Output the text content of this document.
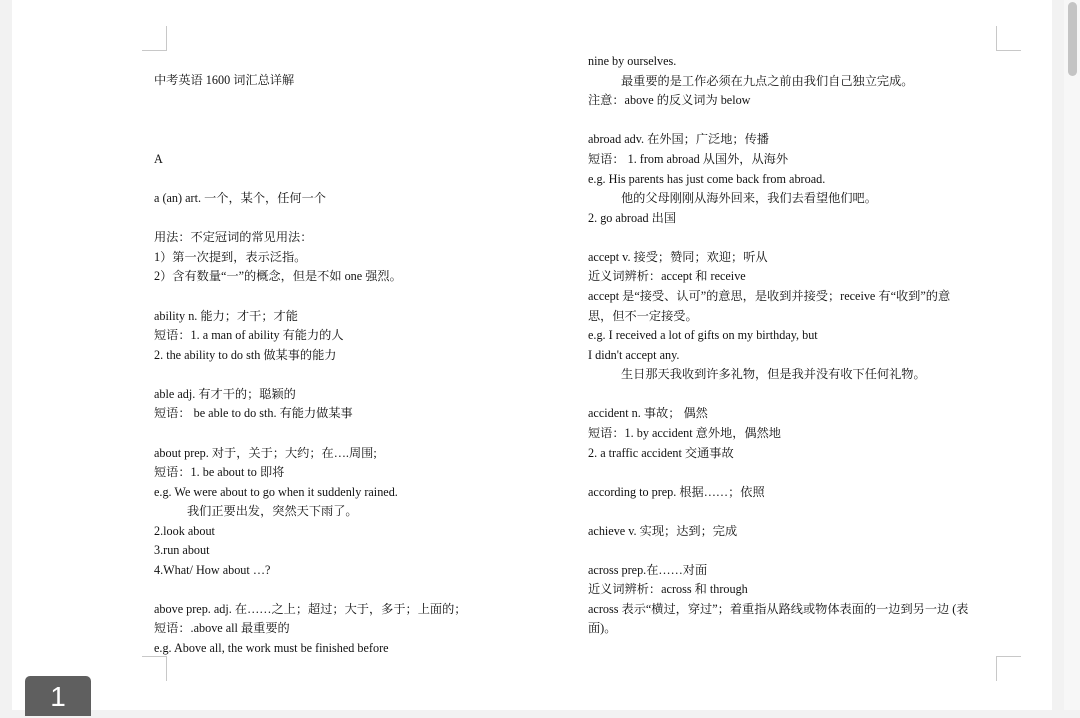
中考英语 1600 词汇总详解
A
a (an) art. 一个，某个，任何一个
用法：不定冠词的常见用法：
1）第一次提到，表示泛指。
2）含有数量“一”的概念，但是不如 one 强烈。
ability n. 能力；才干；才能
短语：1. a man of ability 有能力的人
2. the ability to do sth 做某事的能力
able adj. 有才干的；聪颖的
短语： be able to do sth. 有能力做某事
about prep. 对于，关于；大约；在….周围;
短语：1. be about to 即将
e.g. We were about to go when it suddenly rained.
我们正要出发，突然天下雨了。
2.look about
3.run about
4.What/ How about …?
above prep. adj. 在……之上；超过；大于，多于；上面的；
短语：.above all 最重要的
e.g. Above all, the work must be finished before
nine by ourselves.
最重要的是工作必须在九点之前由我们自己独立完成。
注意：above 的反义词为 below
abroad adv. 在外国；广泛地；传播
短语： 1. from abroad 从国外，从海外
e.g. His parents has just come back from abroad.
他的父母刚刚从海外回来，我们去看望他们吧。
2. go abroad 出国
accept v. 接受；赞同；欢迎；听从
近义词辨析：accept 和 receive
accept 是“接受、认可”的意思，是收到并接受；receive 有“收到”的意
思，但不一定接受。
e.g. I received a lot of gifts on my birthday, but
I didn't accept any.
生日那天我收到许多礼物，但是我并没有收下任何礼物。
accident n. 事故； 偶然
短语：1. by accident 意外地，偶然地
2. a traffic accident 交通事故
according to prep. 根据……；依照
achieve v. 实现；达到；完成
across prep.在……对面
近义词辨析：across 和 through
across 表示“横过，穿过”；着重指从路线或物体表面的一边到另一边 (表
面)。
1
